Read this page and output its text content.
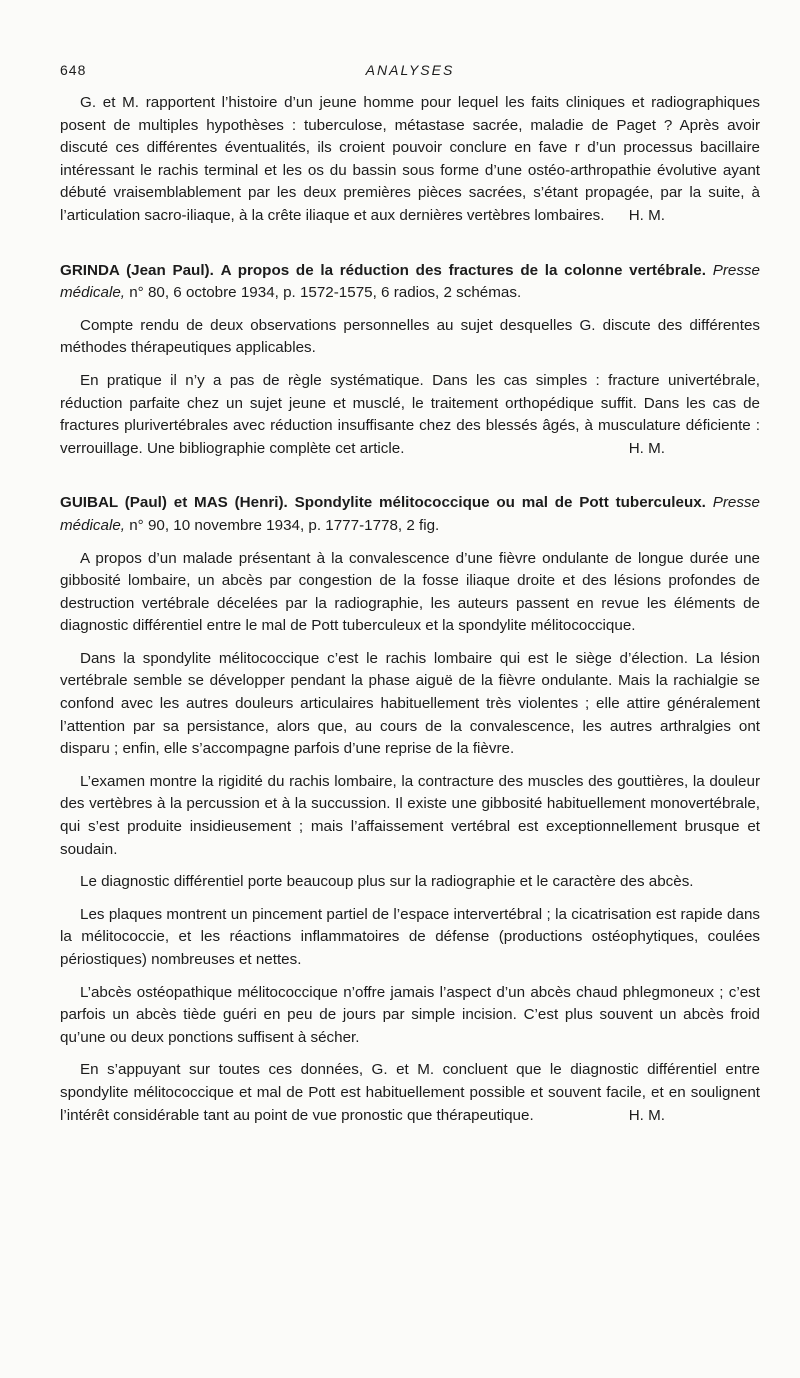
648	ANALYSES

G. et M. rapportent l’histoire d’un jeune homme pour lequel les faits cliniques et radiographiques posent de multiples hypothèses : tuberculose, métastase sacrée, maladie de Paget ? Après avoir discuté ces différentes éventualités, ils croient pouvoir conclure en fave r d’un processus bacillaire intéressant le rachis terminal et les os du bassin sous forme d’une ostéo-arthropathie évolutive ayant débuté vraisemblablement par les deux premières pièces sacrées, s’étant propagée, par la suite, à l’articulation sacro-iliaque, à la crête iliaque et aux dernières vertèbres lombaires.	H. M.

GRINDA (Jean Paul). A propos de la réduction des fractures de la colonne vertébrale. Presse médicale, n° 80, 6 octobre 1934, p. 1572-1575, 6 radios, 2 schémas.

Compte rendu de deux observations personnelles au sujet desquelles G. discute des différentes méthodes thérapeutiques applicables.

En pratique il n’y a pas de règle systématique. Dans les cas simples : fracture univertébrale, réduction parfaite chez un sujet jeune et musclé, le traitement orthopédique suffit. Dans les cas de fractures plurivertébrales avec réduction insuffisante chez des blessés âgés, à musculature déficiente : verrouillage. Une bibliographie complète cet article.	H. M.

GUIBAL (Paul) et MAS (Henri). Spondylite mélitococcique ou mal de Pott tuberculeux. Presse médicale, n° 90, 10 novembre 1934, p. 1777-1778, 2 fig.

A propos d’un malade présentant à la convalescence d’une fièvre ondulante de longue durée une gibbosité lombaire, un abcès par congestion de la fosse iliaque droite et des lésions profondes de destruction vertébrale décelées par la radiographie, les auteurs passent en revue les éléments de diagnostic différentiel entre le mal de Pott tuberculeux et la spondylite mélitococcique.

Dans la spondylite mélitococcique c’est le rachis lombaire qui est le siège d’élection. La lésion vertébrale semble se développer pendant la phase aiguë de la fièvre ondulante. Mais la rachialgie se confond avec les autres douleurs articulaires habituellement très violentes ; elle attire généralement l’attention par sa persistance, alors que, au cours de la convalescence, les autres arthralgies ont disparu ; enfin, elle s’accompagne parfois d’une reprise de la fièvre.

L’examen montre la rigidité du rachis lombaire, la contracture des muscles des gouttières, la douleur des vertèbres à la percussion et à la succussion. Il existe une gibbosité habituellement monovertébrale, qui s’est produite insidieusement ; mais l’affaissement vertébral est exceptionnellement brusque et soudain.

Le diagnostic différentiel porte beaucoup plus sur la radiographie et le caractère des abcès.

Les plaques montrent un pincement partiel de l’espace intervertébral ; la cicatrisation est rapide dans la mélitococcie, et les réactions inflammatoires de défense (productions ostéophytiques, coulées périostiques) nombreuses et nettes.

L’abcès ostéopathique mélitococcique n’offre jamais l’aspect d’un abcès chaud phlegmoneux ; c’est parfois un abcès tiède guéri en peu de jours par simple incision. C’est plus souvent un abcès froid qu’une ou deux ponctions suffisent à sécher.

En s’appuyant sur toutes ces données, G. et M. concluent que le diagnostic différentiel entre spondylite mélitococcique et mal de Pott est habituellement possible et souvent facile, et en soulignent l’intérêt considérable tant au point de vue pronostic que thérapeutique.	H. M.
